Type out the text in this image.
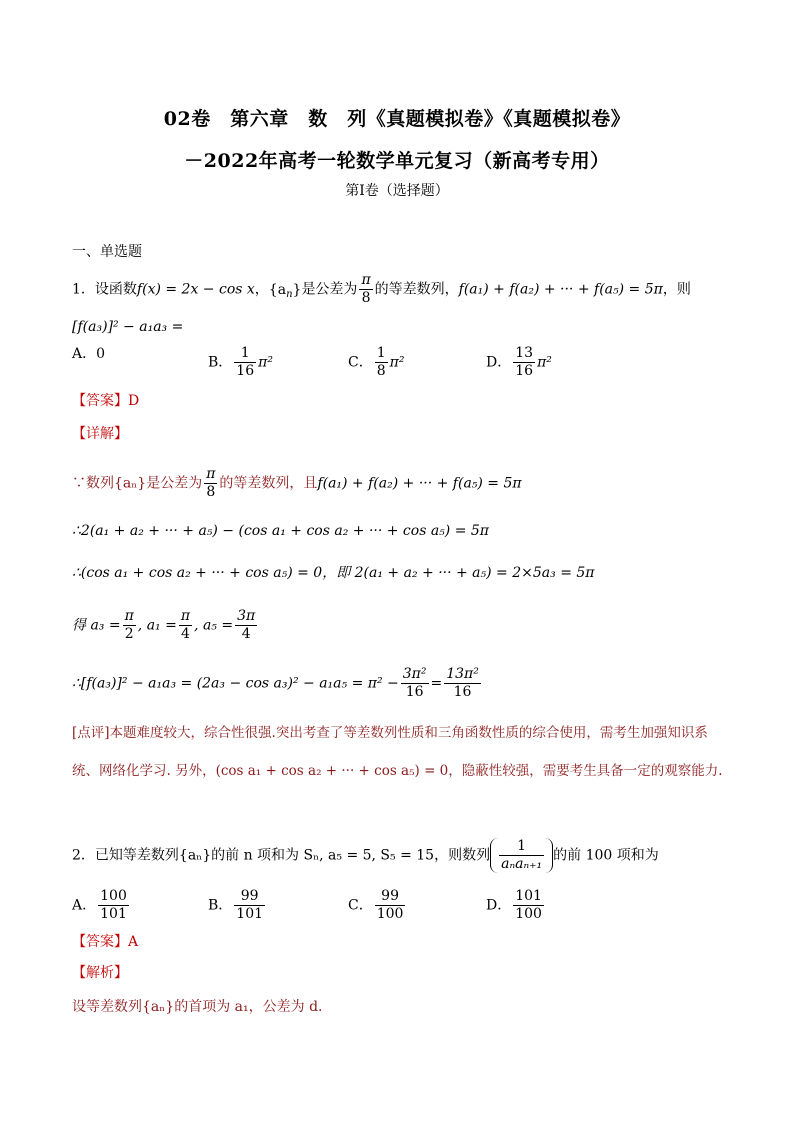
02卷　第六章　数　列《真题模拟卷》《真题模拟卷》
－2022年高考一轮数学单元复习（新高考专用）
第Ⅰ卷（选择题）
一、单选题
1．设函数f(x) = 2x − cos x，$\{a_n\}$是公差为 $\frac{\pi}{8}$ 的等差数列，f(a₁) + f(a₂) + ··· + f(a₅) = 5π，则
[f(a₃)]² − a₁a₃ =
A．0
B． $\frac{1}{16} \pi^2$	C． $\frac{1}{8} \pi^2$	D． $\frac{13}{16} \pi^2$
【答案】D
【详解】
∵数列{aₙ}是公差为 $\frac{\pi}{8}$ 的等差数列，且f(a₁) + f(a₂) + ··· + f(a₅) = 5π
∴2(a₁ + a₂ + ··· + a₅) − (cos a₁ + cos a₂ + ··· + cos a₅) = 5π
∴(cos a₁ + cos a₂ + ··· + cos a₅) = 0，即 2(a₁ + a₂ + ··· + a₅) = 2×5a₃ = 5π
得 $a_3 = \frac{\pi}{2}$ , $a_1 = \frac{\pi}{4}$ , $a_5 = \frac{3\pi}{4}$
∴[f(a₃)]² − $a_1a_3 = (2a_3 - \cos a_3)^2 - a_1a_5 = \pi^2 - \frac{\text{3π²}}{16} = \frac{\text{13π²}}{16}$
[点评]本题难度较大，综合性很强.突出考查了等差数列性质和三角函数性质的综合使用，需考生加强知识系
统、网络化学习. 另外，(cos a₁ + cos a₂ + ··· + cos a₅) = 0，隐蔽性较强，需要考生具备一定的观察能力.
2．已知等差数列{aₙ}的前 n 项和为 Sₙ, a₅ = 5, S₅ = 15，则数列 $\frac{1}{\text{aₙaₙ₊₁}}$ 的前 100 项和为
A． $\frac{100}{101}$	B． $\frac{99}{101}$	C． $\frac{99}{100}$	D． $\frac{101}{100}$
【答案】A
【解析】
设等差数列{aₙ}的首项为 a₁，公差为 d.
